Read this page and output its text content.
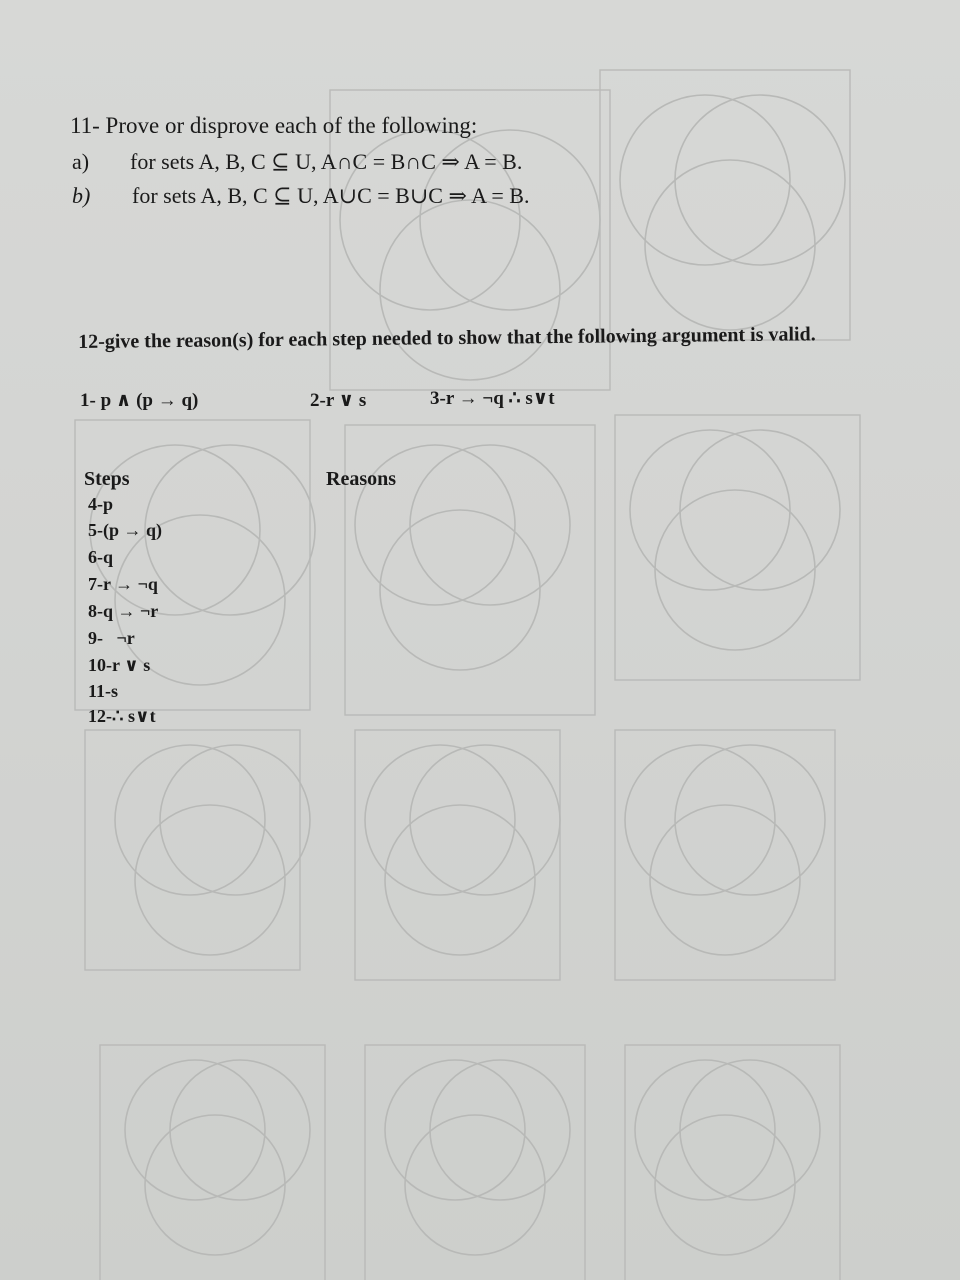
11- Prove or disprove each of the following:
a) for sets A, B, C ⊆ U, A∩C = B∩C ⇒ A = B.
b) for sets A, B, C ⊆ U, A∪C = B∪C ⇒ A = B.
12-give the reason(s) for each step needed to show that the following argument is valid.
1- p ∧ (p → q)	2-r ∨ s	3-r → ¬q ∴ s∨t
Steps	Reasons
4-p
5-(p → q)
6-q
7-r → ¬q
8-q → ¬r
9-   ¬r
10-r ∨ s
11-s
12-∴ s∨t
